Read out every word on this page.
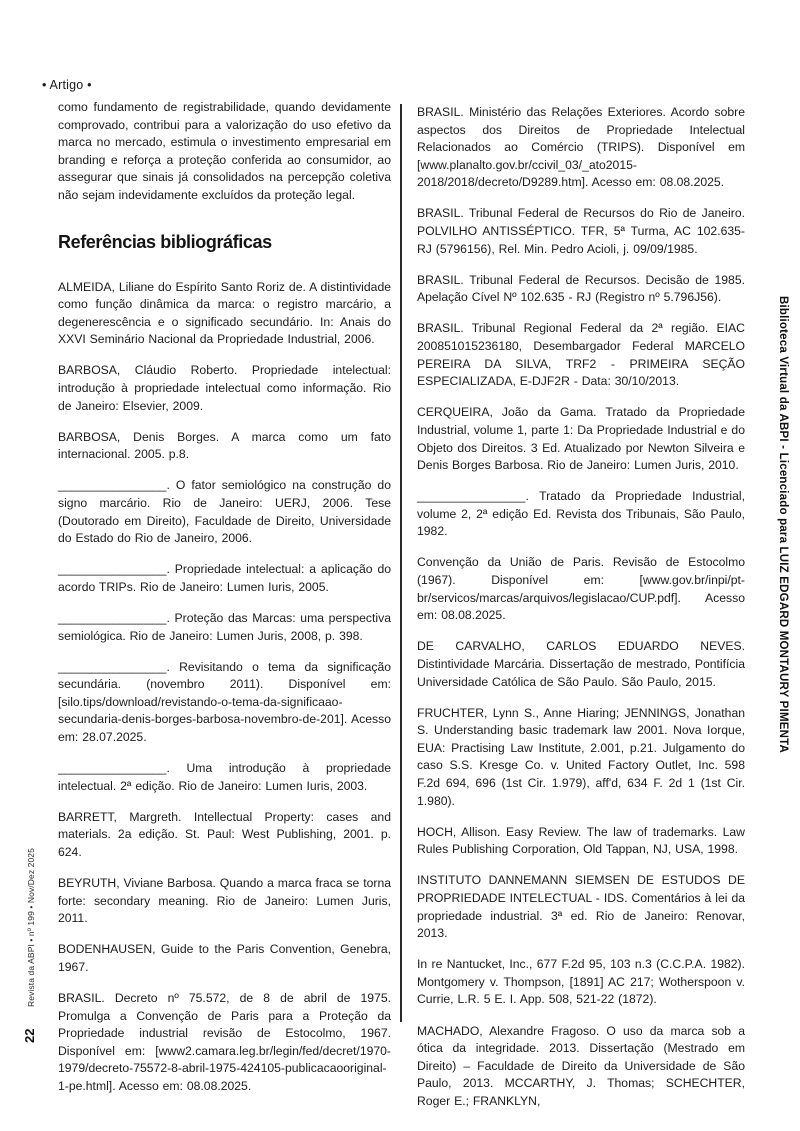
• Artigo •

como fundamento de registrabilidade, quando devidamente comprovado, contribui para a valorização do uso efetivo da marca no mercado, estimula o investimento empresarial em branding e reforça a proteção conferida ao consumidor, ao assegurar que sinais já consolidados na percepção coletiva não sejam indevidamente excluídos da proteção legal.

Referências bibliográficas

ALMEIDA, Liliane do Espírito Santo Roriz de. A distintividade como função dinâmica da marca: o registro marcário, a degenerescência e o significado secundário. In: Anais do XXVI Seminário Nacional da Propriedade Industrial, 2006.

BARBOSA, Cláudio Roberto. Propriedade intelectual: introdução à propriedade intelectual como informação. Rio de Janeiro: Elsevier, 2009.

BARBOSA, Denis Borges. A marca como um fato internacional. 2005. p.8.

________________. O fator semiológico na construção do signo marcário. Rio de Janeiro: UERJ, 2006. Tese (Doutorado em Direito), Faculdade de Direito, Universidade do Estado do Rio de Janeiro, 2006.

________________. Propriedade intelectual: a aplicação do acordo TRIPs. Rio de Janeiro: Lumen Iuris, 2005.

________________. Proteção das Marcas: uma perspectiva semiológica. Rio de Janeiro: Lumen Juris, 2008, p. 398.

________________. Revisitando o tema da significação secundária. (novembro 2011). Disponível em: [silo.tips/download/revistando-o-tema-da-significaao-secundaria-denis-borges-barbosa-novembro-de-201]. Acesso em: 28.07.2025.

________________. Uma introdução à propriedade intelectual. 2ª edição. Rio de Janeiro: Lumen Iuris, 2003.

BARRETT, Margreth. Intellectual Property: cases and materials. 2a edição. St. Paul: West Publishing, 2001. p. 624.

BEYRUTH, Viviane Barbosa. Quando a marca fraca se torna forte: secondary meaning. Rio de Janeiro: Lumen Juris, 2011.

BODENHAUSEN, Guide to the Paris Convention, Genebra, 1967.

BRASIL. Decreto nº 75.572, de 8 de abril de 1975. Promulga a Convenção de Paris para a Proteção da Propriedade industrial revisão de Estocolmo, 1967. Disponível em: [www2.camara.leg.br/legin/fed/decret/1970-1979/decreto-75572-8-abril-1975-424105-publicacaooriginal-1-pe.html]. Acesso em: 08.08.2025.

BRASIL. Ministério das Relações Exteriores. Acordo sobre aspectos dos Direitos de Propriedade Intelectual Relacionados ao Comércio (TRIPS). Disponível em [www.planalto.gov.br/ccivil_03/_ato2015-2018/2018/decreto/D9289.htm]. Acesso em: 08.08.2025.

BRASIL. Tribunal Federal de Recursos do Rio de Janeiro. POLVILHO ANTISSÉPTICO. TFR, 5ª Turma, AC 102.635-RJ (5796156), Rel. Min. Pedro Acioli, j. 09/09/1985.

BRASIL. Tribunal Federal de Recursos. Decisão de 1985. Apelação Cível Nº 102.635 - RJ (Registro nº 5.796J56).

BRASIL. Tribunal Regional Federal da 2ª região. EIAC 200851015236180, Desembargador Federal MARCELO PEREIRA DA SILVA, TRF2 - PRIMEIRA SEÇÃO ESPECIALIZADA, E-DJF2R - Data: 30/10/2013.

CERQUEIRA, João da Gama. Tratado da Propriedade Industrial, volume 1, parte 1: Da Propriedade Industrial e do Objeto dos Direitos. 3 Ed. Atualizado por Newton Silveira e Denis Borges Barbosa. Rio de Janeiro: Lumen Juris, 2010.

________________. Tratado da Propriedade Industrial, volume 2, 2ª edição Ed. Revista dos Tribunais, São Paulo, 1982.

Convenção da União de Paris. Revisão de Estocolmo (1967). Disponível em: [www.gov.br/inpi/pt-br/servicos/marcas/arquivos/legislacao/CUP.pdf]. Acesso em: 08.08.2025.

DE CARVALHO, CARLOS EDUARDO NEVES. Distintividade Marcária. Dissertação de mestrado, Pontifícia Universidade Católica de São Paulo. São Paulo, 2015.

FRUCHTER, Lynn S., Anne Hiaring; JENNINGS, Jonathan S. Understanding basic trademark law 2001. Nova Iorque, EUA: Practising Law Institute, 2.001, p.21. Julgamento do caso S.S. Kresge Co. v. United Factory Outlet, Inc. 598 F.2d 694, 696 (1st Cir. 1.979), aff'd, 634 F. 2d 1 (1st Cir. 1.980).

HOCH, Allison. Easy Review. The law of trademarks. Law Rules Publishing Corporation, Old Tappan, NJ, USA, 1998.

INSTITUTO DANNEMANN SIEMSEN DE ESTUDOS DE PROPRIEDADE INTELECTUAL - IDS. Comentários à lei da propriedade industrial. 3ª ed. Rio de Janeiro: Renovar, 2013.

In re Nantucket, Inc., 677 F.2d 95, 103 n.3 (C.C.P.A. 1982). Montgomery v. Thompson, [1891] AC 217; Wotherspoon v. Currie, L.R. 5 E. I. App. 508, 521-22 (1872).

MACHADO, Alexandre Fragoso. O uso da marca sob a ótica da integridade. 2013. Dissertação (Mestrado em Direito) – Faculdade de Direito da Universidade de São Paulo, 2013. MCCARTHY, J. Thomas; SCHECHTER, Roger E.; FRANKLYN,

Revista da ABPI • nº 199 • Nov/Dez 2025
22
Biblioteca Virtual da ABPI - Licenciado para LUIZ EDGARD MONTAURY PIMENTA
